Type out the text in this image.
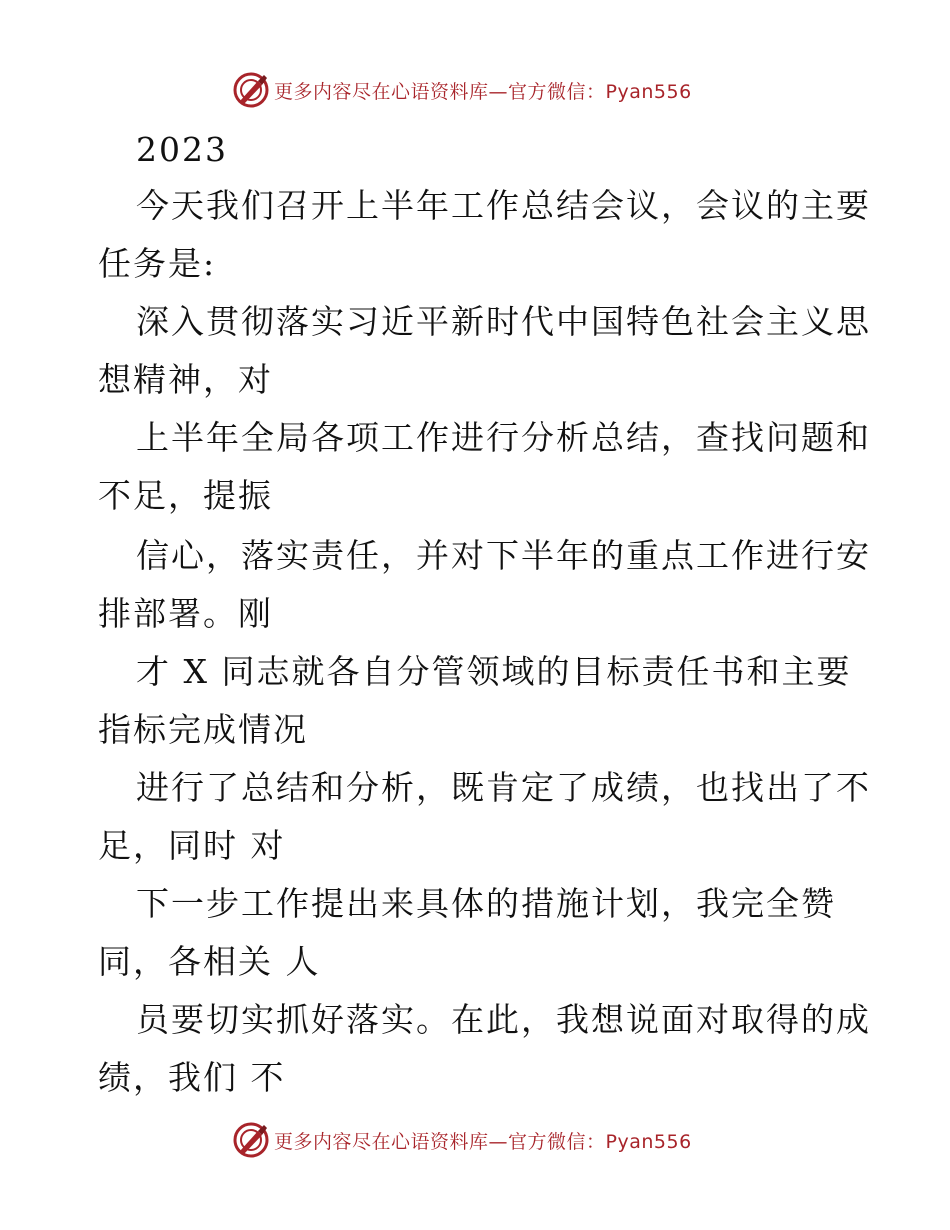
更多内容尽在心语资料库—官方微信：Pyan556
2023
今天我们召开上半年工作总结会议，会议的主要
任务是:
深入贯彻落实习近平新时代中国特色社会主义思
想精神，对
上半年全局各项工作进行分析总结，查找问题和
不足，提振
信心，落实责任，并对下半年的重点工作进行安
排部署。刚
才 X 同志就各自分管领域的目标责任书和主要
指标完成情况
进行了总结和分析，既肯定了成绩，也找出了不
足，同时 对
下一步工作提出来具体的措施计划，我完全赞
同，各相关 人
员要切实抓好落实。在此，我想说面对取得的成
绩，我们 不
更多内容尽在心语资料库—官方微信：Pyan556
